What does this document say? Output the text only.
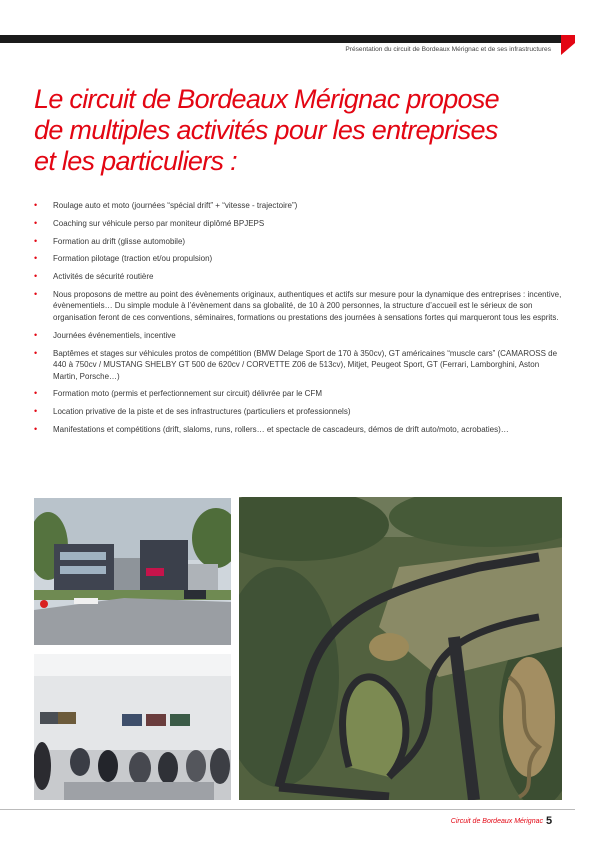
Présentation du circuit de Bordeaux Mérignac et de ses infrastructures
Le circuit de Bordeaux Mérignac propose
de multiples activités pour les entreprises
et les particuliers :
• Roulage auto et moto (journées “spécial drift” + “vitesse - trajectoire”)
• Coaching sur véhicule perso par moniteur diplômé BPJEPS
• Formation au drift (glisse automobile)
• Formation pilotage (traction et/ou propulsion)
• Activités de sécurité routière
• Nous proposons de mettre au point des évènements originaux, authentiques et actifs sur mesure pour la dynamique des entreprises : incentive, évènementiels… Du simple module à l’évènement dans sa globalité, de 10 à 200 personnes, la structure d’accueil est le sérieux de son organisation feront de ces conventions, séminaires, formations ou prestations des journées à sensations fortes qui marqueront tous les esprits.
• Journées événementiels, incentive
• Baptêmes et stages sur véhicules protos de compétition (BMW Delage Sport de 170 à 350cv), GT américaines “muscle cars” (CAMAROSS de 440 à 750cv / MUSTANG SHELBY GT 500 de 620cv / CORVETTE Z06 de 513cv), Mitjet, Peugeot Sport, GT (Ferrari, Lamborghini, Aston Martin, Porsche…)
• Formation moto (permis et perfectionnement sur circuit) délivrée par le CFM
• Location privative de la piste et de ses infrastructures (particuliers et professionnels)
• Manifestations et compétitions (drift, slaloms, runs, rollers… et spectacle de cascadeurs, démos de drift auto/moto, acrobaties)…
Circuit de Bordeaux Mérignac 5
